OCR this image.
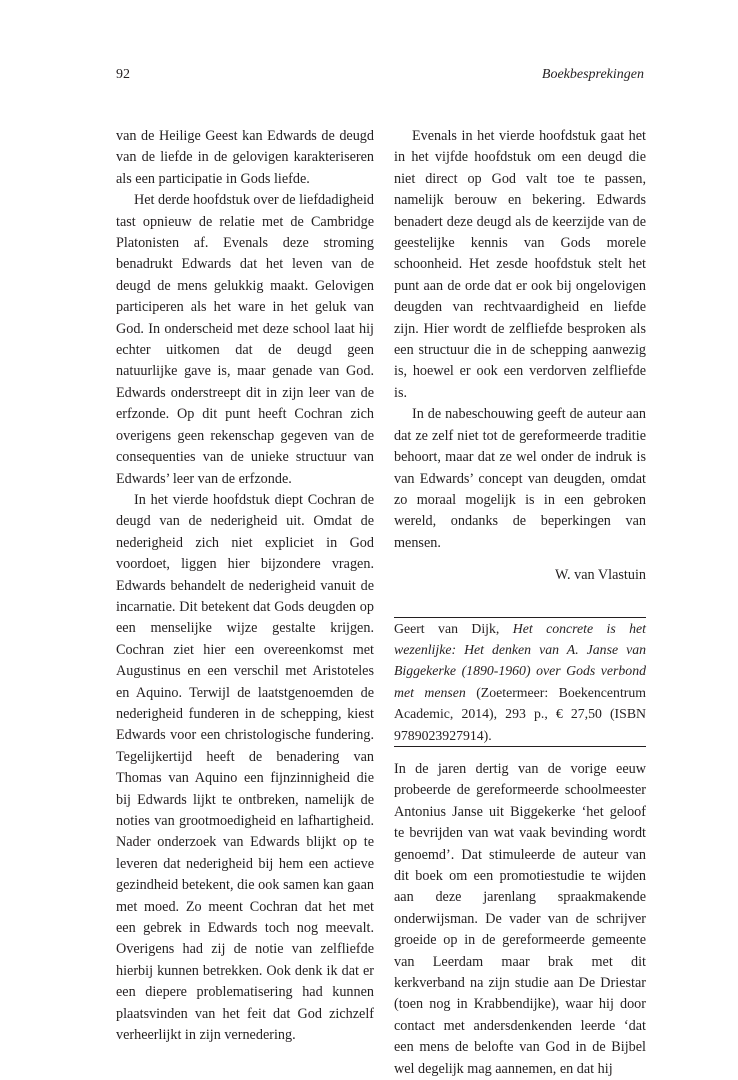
92	Boekbesprekingen

van de Heilige Geest kan Edwards de deugd van de liefde in de gelovigen karakteriseren als een participatie in Gods liefde.

Het derde hoofdstuk over de liefdadigheid tast opnieuw de relatie met de Cambridge Platonisten af. Evenals deze stroming benadrukt Edwards dat het leven van de deugd de mens gelukkig maakt. Gelovigen participeren als het ware in het geluk van God. In onderscheid met deze school laat hij echter uitkomen dat de deugd geen natuurlijke gave is, maar genade van God. Edwards onderstreept dit in zijn leer van de erfzonde. Op dit punt heeft Cochran zich overigens geen rekenschap gegeven van de consequenties van de unieke structuur van Edwards’ leer van de erfzonde.

In het vierde hoofdstuk diept Cochran de deugd van de nederigheid uit. Omdat de nederigheid zich niet expliciet in God voordoet, liggen hier bijzondere vragen. Edwards behandelt de nederigheid vanuit de incarnatie. Dit betekent dat Gods deugden op een menselijke wijze gestalte krijgen. Cochran ziet hier een overeenkomst met Augustinus en een verschil met Aristoteles en Aquino. Terwijl de laatstgenoemden de nederigheid funderen in de schepping, kiest Edwards voor een christologische fundering. Tegelijkertijd heeft de benadering van Thomas van Aquino een fijnzinnigheid die bij Edwards lijkt te ontbreken, namelijk de noties van grootmoedigheid en lafhartigheid. Nader onderzoek van Edwards blijkt op te leveren dat nederigheid bij hem een actieve gezindheid betekent, die ook samen kan gaan met moed. Zo meent Cochran dat het met een gebrek in Edwards toch nog meevalt. Overigens had zij de notie van zelfliefde hierbij kunnen betrekken. Ook denk ik dat er een diepere problematisering had kunnen plaatsvinden van het feit dat God zichzelf verheerlijkt in zijn vernedering.

Evenals in het vierde hoofdstuk gaat het in het vijfde hoofdstuk om een deugd die niet direct op God valt toe te passen, namelijk berouw en bekering. Edwards benadert deze deugd als de keerzijde van de geestelijke kennis van Gods morele schoonheid. Het zesde hoofdstuk stelt het punt aan de orde dat er ook bij ongelovigen deugden van rechtvaardigheid en liefde zijn. Hier wordt de zelfliefde besproken als een structuur die in de schepping aanwezig is, hoewel er ook een verdorven zelfliefde is.

In de nabeschouwing geeft de auteur aan dat ze zelf niet tot de gereformeerde traditie behoort, maar dat ze wel onder de indruk is van Edwards’ concept van deugden, omdat zo moraal mogelijk is in een gebroken wereld, ondanks de beperkingen van mensen.

W. van Vlastuin

Geert van Dijk, Het concrete is het wezenlijke: Het denken van A. Janse van Biggekerke (1890-1960) over Gods verbond met mensen (Zoetermeer: Boekencentrum Academic, 2014), 293 p., € 27,50 (ISBN 9789023927914).

In de jaren dertig van de vorige eeuw probeerde de gereformeerde schoolmeester Antonius Janse uit Biggekerke ‘het geloof te bevrijden van wat vaak bevinding wordt genoemd’. Dat stimuleerde de auteur van dit boek om een promotiestudie te wijden aan deze jarenlang spraakmakende onderwijsman. De vader van de schrijver groeide op in de gereformeerde gemeente van Leerdam maar brak met dit kerkverband na zijn studie aan De Driestar (toen nog in Krabbendijke), waar hij door contact met andersdenkenden leerde ‘dat een mens de belofte van God in de Bijbel wel degelijk mag aannemen, en dat hij
